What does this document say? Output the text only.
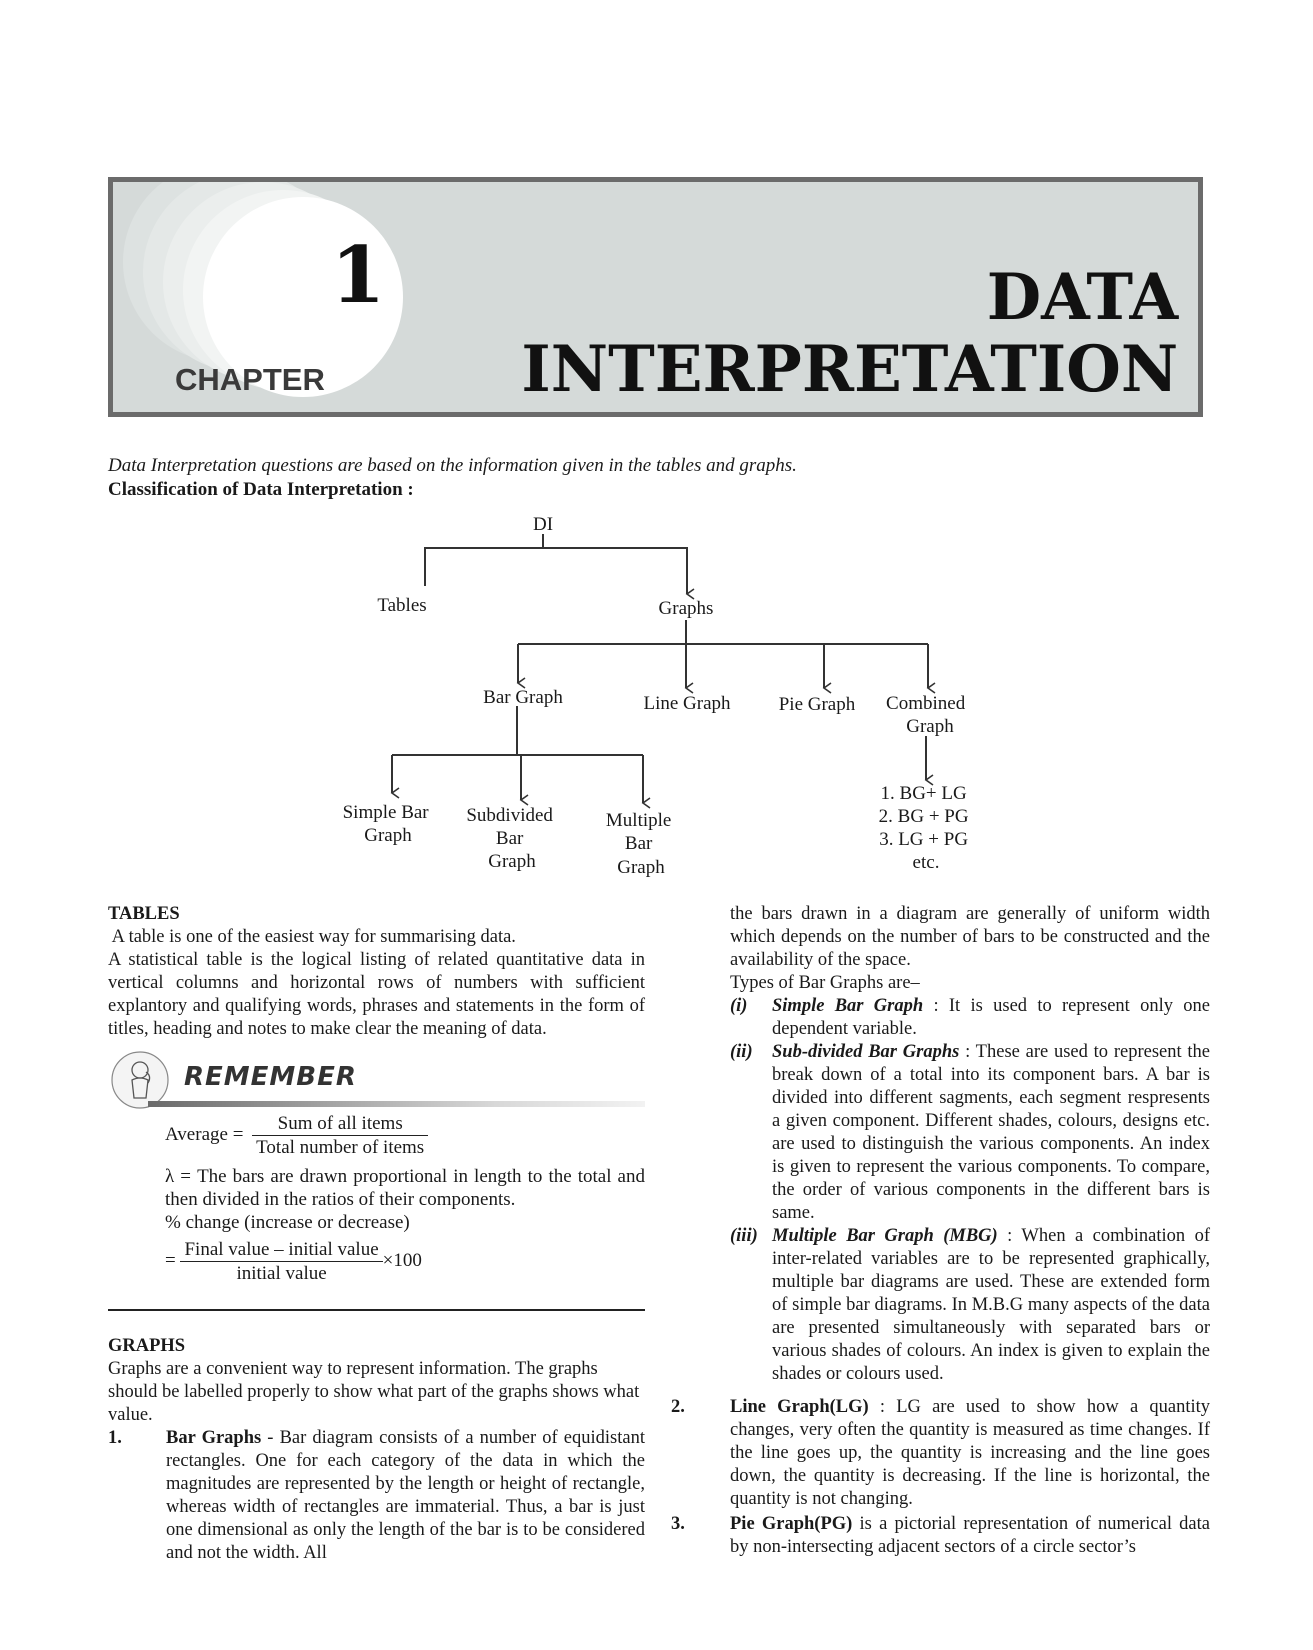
1
CHAPTER
DATA
INTERPRETATION
Data Interpretation questions are based on the information given in the tables and graphs.
Classification of Data Interpretation :
DI
Tables	Graphs
Bar Graph	Line Graph	Pie Graph Combined Graph
Simple Bar Graph
Subdivided Bar Graph
Multiple Bar Graph
1. BG+ LG 2. BG + PG 3. LG + PG etc.

TABLES

A table is one of the easiest way for summarising data.

A statistical table is the logical listing of related quantitative data in vertical columns and horizontal rows of numbers with sufficient explantory and qualifying words, phrases and statements in the form of titles, heading and notes to make clear the meaning of data.

REMEMBER
Average = $\frac{\text{Sum of all items}}{\text{Total number of items}}$

λ = The bars are drawn proportional in length to the total and then divided in the ratios of their components.

% change (increase or decrease)

= $\frac{\text{Final value – initial value}}{\text{initial value}} \times 100$

GRAPHS

Graphs are a convenient way to represent information. The graphs should be labelled properly to show what part of the graphs shows what value.

1. Bar Graphs - Bar diagram consists of a number of equidistant rectangles. One for each category of the data in which the magnitudes are represented by the length or height of rectangle, whereas width of rectangles are immaterial. Thus, a bar is just one dimensional as only the length of the bar is to be considered and not the width. All

the bars drawn in a diagram are generally of uniform width which depends on the number of bars to be constructed and the availability of the space.

Types of Bar Graphs are–

(i) Simple Bar Graph : It is used to represent only one dependent variable.

(ii) Sub-divided Bar Graphs : These are used to represent the break down of a total into its component bars. A bar is divided into different sagments, each segment respresents a given component. Different shades, colours, designs etc. are used to distinguish the various components. An index is given to represent the various components. To compare, the order of various components in the different bars is same.

(iii) Multiple Bar Graph (MBG) : When a combination of inter-related variables are to be represented graphically, multiple bar diagrams are used. These are extended form of simple bar diagrams. In M.B.G many aspects of the data are presented simultaneously with separated bars or various shades of colours. An index is given to explain the shades or colours used.

2. Line Graph(LG) : LG are used to show how a quantity changes, very often the quantity is measured as time changes. If the line goes up, the quantity is increasing and the line goes down, the quantity is decreasing. If the line is horizontal, the quantity is not changing.

3. Pie Graph(PG) is a pictorial representation of numerical data by non-intersecting adjacent sectors of a circle sector’s
